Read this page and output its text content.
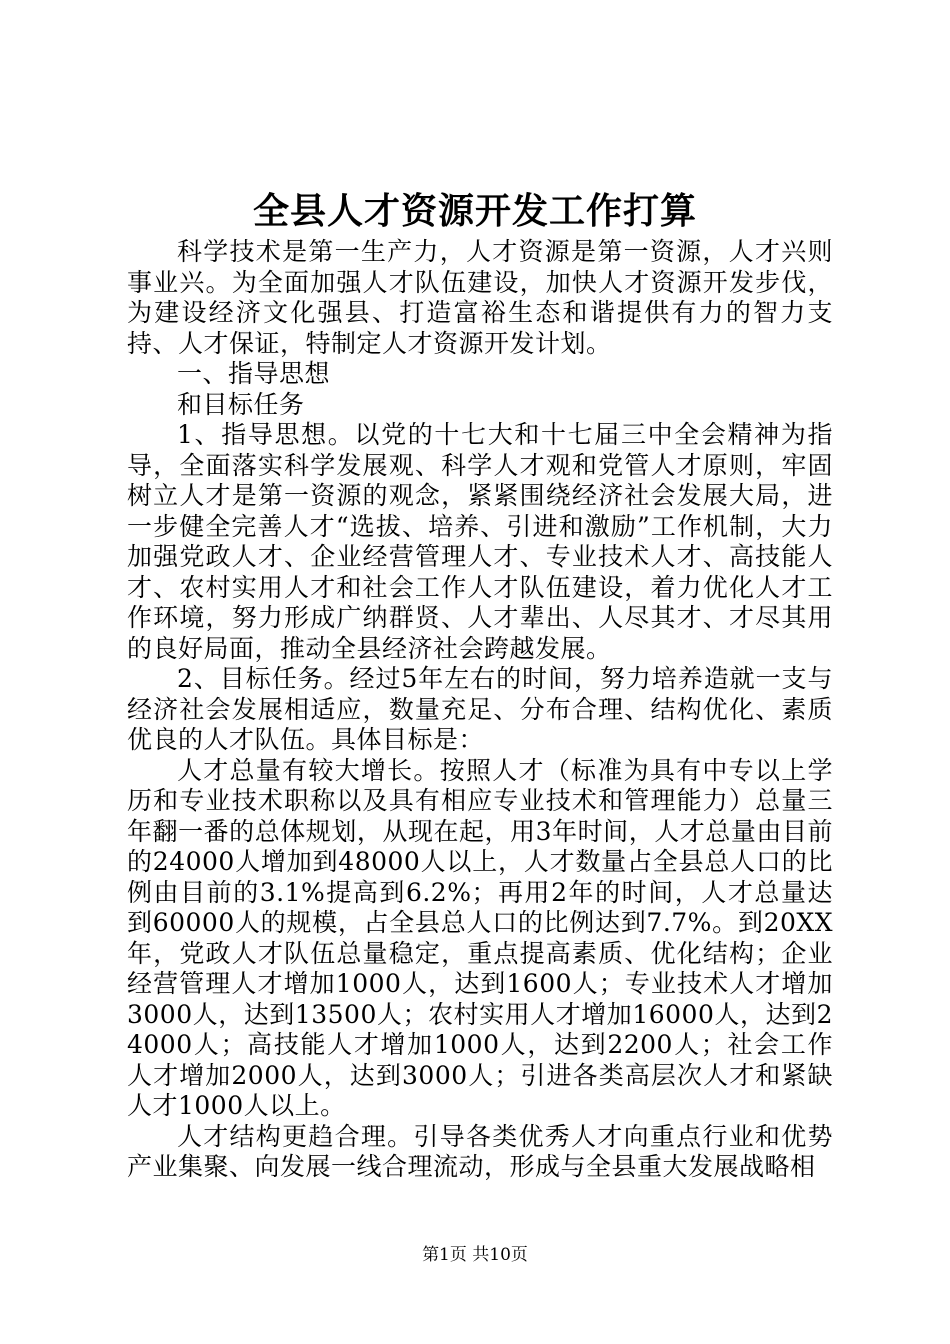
全县人才资源开发工作打算

科学技术是第一生产力，人才资源是第一资源，人才兴则事业兴。为全面加强人才队伍建设，加快人才资源开发步伐，为建设经济文化强县、打造富裕生态和谐提供有力的智力支持、人才保证，特制定人才资源开发计划。

一、指导思想

和目标任务

1、指导思想。以党的十七大和十七届三中全会精神为指导，全面落实科学发展观、科学人才观和党管人才原则，牢固树立人才是第一资源的观念，紧紧围绕经济社会发展大局，进一步健全完善人才“选拔、培养、引进和激励”工作机制，大力加强党政人才、企业经营管理人才、专业技术人才、高技能人才、农村实用人才和社会工作人才队伍建设，着力优化人才工作环境，努力形成广纳群贤、人才辈出、人尽其才、才尽其用的良好局面，推动全县经济社会跨越发展。

2、目标任务。经过5年左右的时间，努力培养造就一支与经济社会发展相适应，数量充足、分布合理、结构优化、素质优良的人才队伍。具体目标是：

人才总量有较大增长。按照人才（标准为具有中专以上学历和专业技术职称以及具有相应专业技术和管理能力）总量三年翻一番的总体规划，从现在起，用3年时间，人才总量由目前的24000人增加到48000人以上，人才数量占全县总人口的比例由目前的3.1%提高到6.2%；再用2年的时间，人才总量达到60000人的规模，占全县总人口的比例达到7.7%。到20XX年，党政人才队伍总量稳定，重点提高素质、优化结构；企业经营管理人才增加1000人，达到1600人；专业技术人才增加3000人，达到13500人；农村实用人才增加16000人，达到24000人；高技能人才增加1000人，达到2200人；社会工作人才增加2000人，达到3000人；引进各类高层次人才和紧缺人才1000人以上。

人才结构更趋合理。引导各类优秀人才向重点行业和优势产业集聚、向发展一线合理流动，形成与全县重大发展战略相

第1页 共10页
